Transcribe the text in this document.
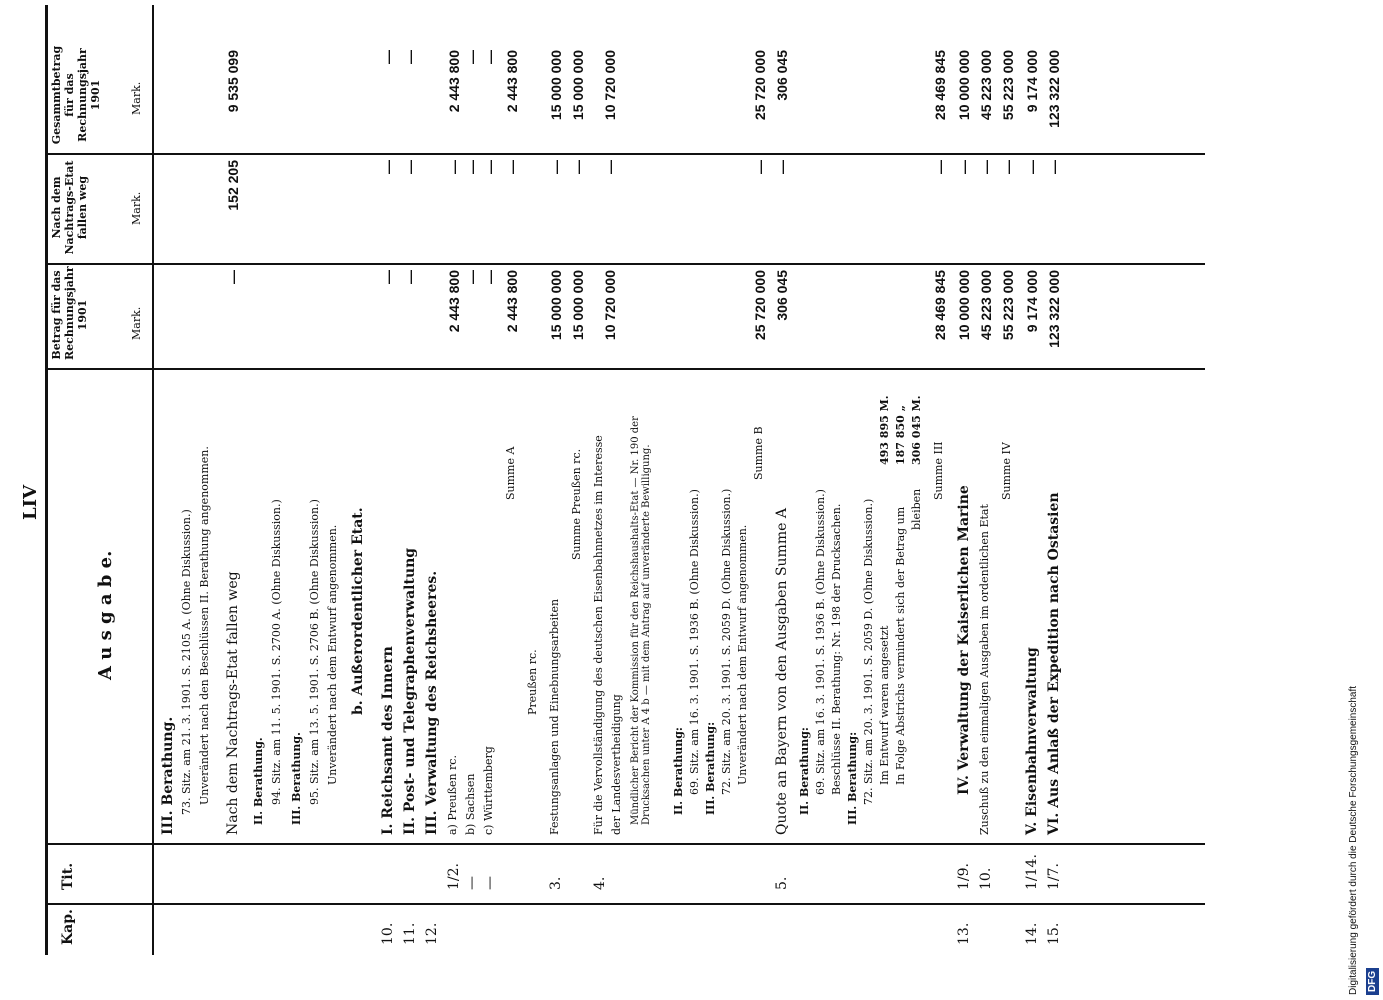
LIV
Kap.
Tit.
A u s g a b e.
Betrag für das Rechnungsjahr 1901
Nach dem Nachtrags-Etat fallen weg
Gesammtbetrag für das Rechnungsjahr 1901
Mark.
Mark.
Mark.
III. Berathung. 73. Sitz. am 21. 3. 1901. S. 2105 A. (Ohne Diskussion.) Unverändert nach den Beschlüssen II. Berathung angenommen. Nach dem Nachtrags-Etat fallen weg
—
152 205
9 535 099
II. Berathung. 94. Sitz. am 11. 5. 1901. S. 2700 A. (Ohne Diskussion.) III. Berathung. 95. Sitz. am 13. 5. 1901. S. 2706 B. (Ohne Diskussion.) Unverändert nach dem Entwurf angenommen. b. Außerordentlicher Etat.
10.
I. Reichsamt des Innern
—
—
—
11.
II. Post- und Telegraphenverwaltung
—
—
—
12.
III. Verwaltung des Reichsheeres.
1/2.
a) Preußen rc.
2 443 800
—
2 443 800
—
b) Sachsen
—
—
—
—
c) Württemberg
—
—
—
Summe A
2 443 800
—
2 443 800
Preußen rc.
3.
Festungsanlagen und Einebnungsarbeiten
15 000 000
—
15 000 000
Summe Preußen rc.
15 000 000
—
15 000 000
4.
Für die Vervollständigung des deutschen Eisenbahnnetzes im Interesse
10 720 000
—
10 720 000
der Landesvertheidigung Mündlicher Bericht der Kommission für den Reichshaushalts-Etat — Nr. 190 der Drucksachen unter A 4 b — mit dem Antrag auf unveränderte Bewilligung. II. Berathung: 69. Sitz. am 16. 3. 1901. S. 1936 B. (Ohne Diskussion.) III. Berathung: 72. Sitz. am 20. 3. 1901. S. 2059 D. (Ohne Diskussion.) Unverändert nach dem Entwurf angenommen.
Summe B
25 720 000
—
25 720 000
5.
Quote an Bayern von den Ausgaben Summe A
306 045
—
306 045
II. Berathung: 69. Sitz. am 16. 3. 1901. S. 1936 B. (Ohne Diskussion.) Beschlüsse II. Berathung: Nr. 198 der Drucksachen. III. Berathung: 72. Sitz. am 20. 3. 1901. S. 2059 D. (Ohne Diskussion.) Im Entwurf waren angesetzt
493 895 M.
In Folge Abstrichs vermindert sich der Betrag um
187 850 „
bleiben
306 045 M.
Summe III
28 469 845
—
28 469 845
13.
1/9.
IV. Verwaltung der Kaiserlichen Marine
10 000 000
—
10 000 000
10.
Zuschuß zu den einmaligen Ausgaben im ordentlichen Etat
45 223 000
—
45 223 000
Summe IV
55 223 000
—
55 223 000
14.
1/14.
V. Eisenbahnverwaltung
9 174 000
—
9 174 000
15.
1/7.
VI. Aus Anlaß der Expedition nach Ostasien
123 322 000
—
123 322 000
Digitalisierung gefördert durch die Deutsche Forschungsgemeinschaft DFG
